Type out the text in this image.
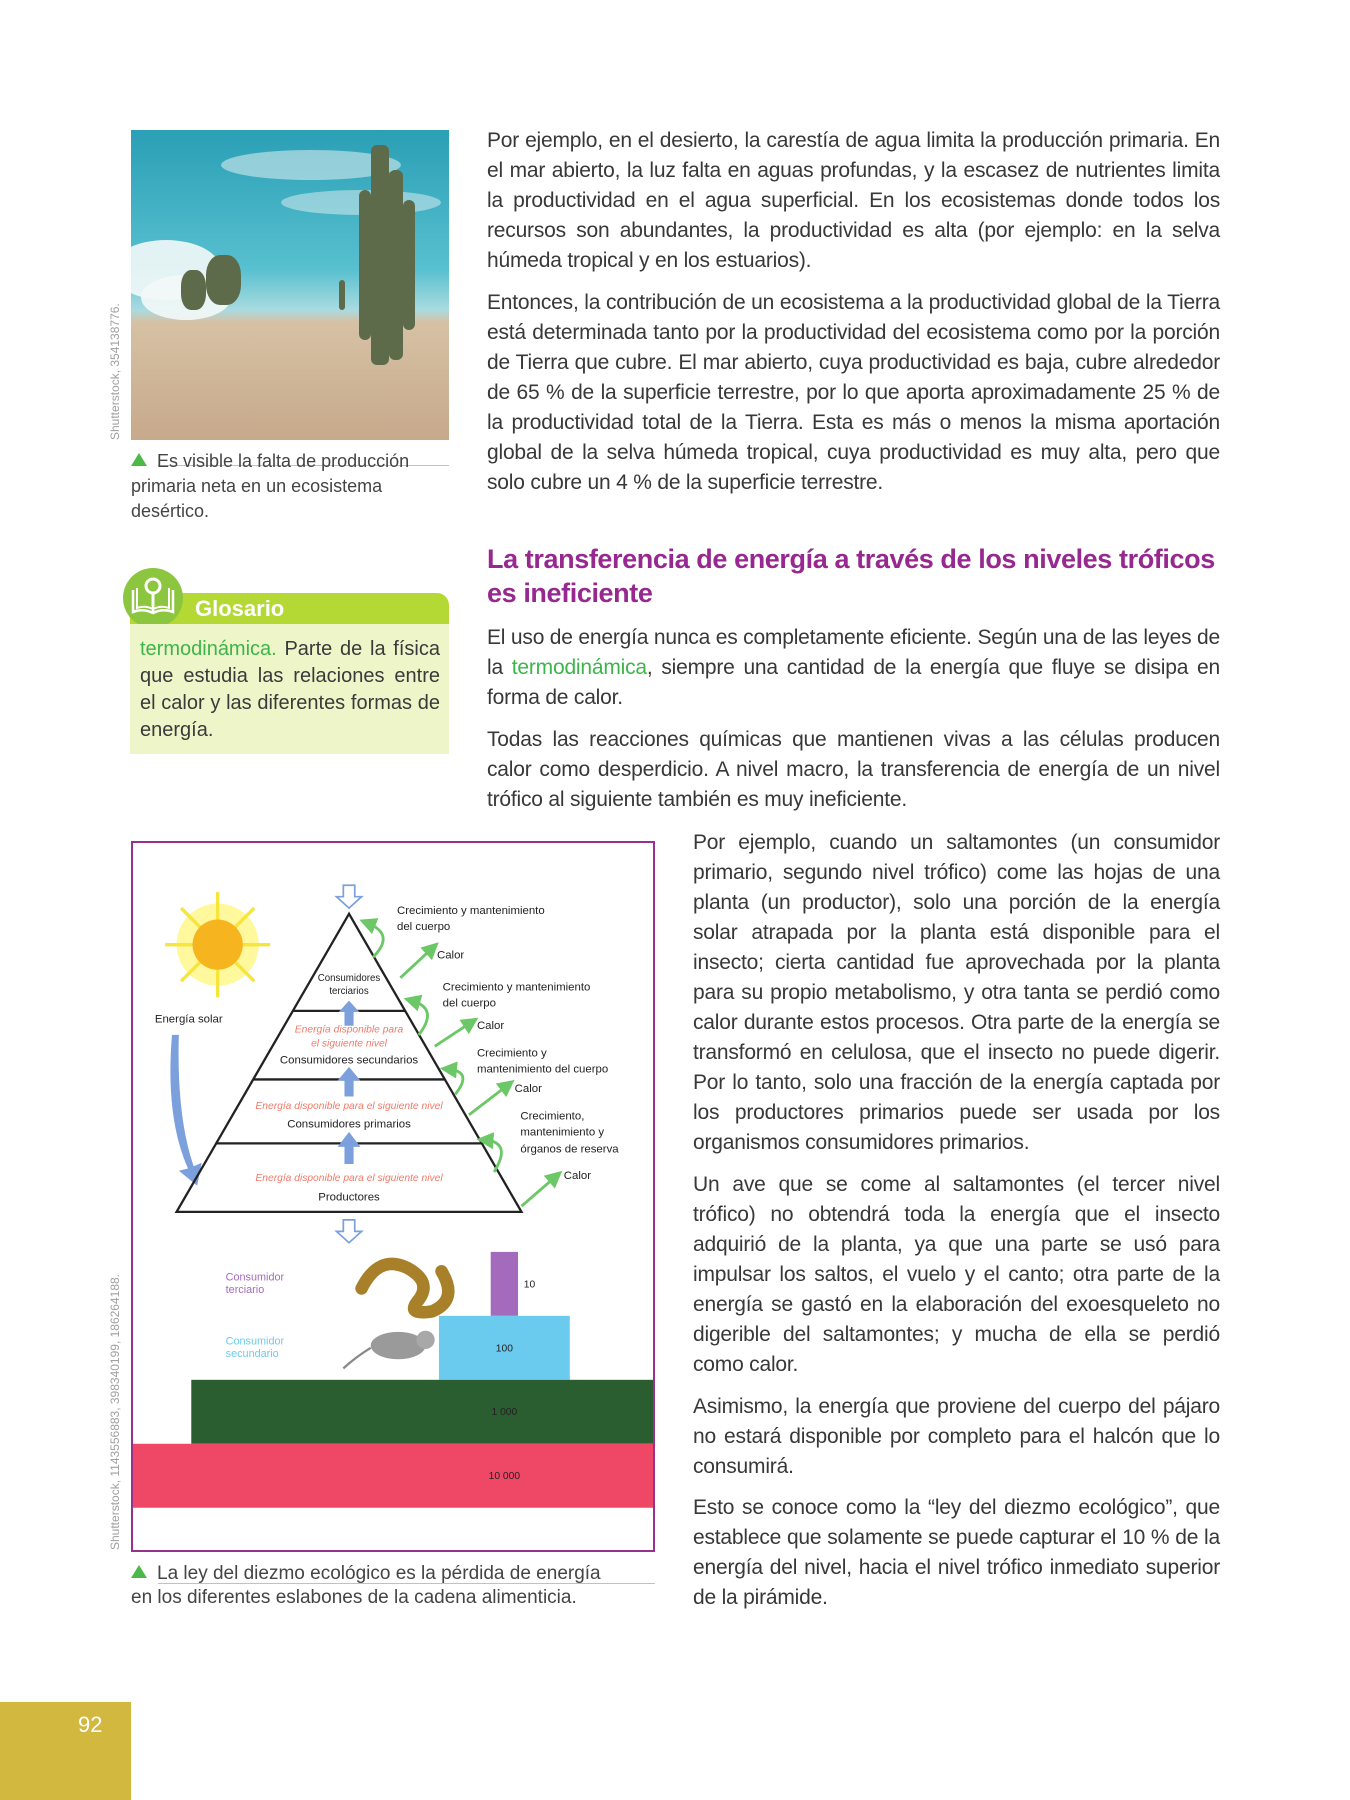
Shutterstock, 354138776.
Es visible la falta de producción
primaria neta en un ecosistema
desértico.
Glosario

termodinámica. Parte de la física que estudia las relaciones entre el calor y las diferentes formas de energía.

Por ejemplo, en el desierto, la carestía de agua limita la producción primaria. En el mar abierto, la luz falta en aguas profundas, y la escasez de nutrientes limita la productividad en el agua superficial. En los ecosistemas donde todos los recursos son abundantes, la productividad es alta (por ejemplo: en la selva húmeda tropical y en los estuarios).

Entonces, la contribución de un ecosistema a la productividad global de la Tierra está determinada tanto por la productividad del ecosistema como por la porción de Tierra que cubre. El mar abierto, cuya productividad es baja, cubre alrededor de 65 % de la superficie terrestre, por lo que aporta aproximadamente 25 % de la productividad total de la Tierra. Esta es más o menos la misma aportación global de la selva húmeda tropical, cuya productividad es muy alta, pero que solo cubre un 4 % de la superficie terrestre.

La transferencia de energía a través de los niveles tróficos es ineficiente

El uso de energía nunca es completamente eficiente. Según una de las leyes de la termodinámica, siempre una cantidad de la energía que fluye se disipa en forma de calor.

Todas las reacciones químicas que mantienen vivas a las células producen calor como desperdicio. A nivel macro, la transferencia de energía de un nivel trófico al siguiente también es muy ineficiente.

Por ejemplo, cuando un saltamontes (un consumidor primario, segundo nivel trófico) come las hojas de una planta (un productor), solo una porción de la energía solar atrapada por la planta está disponible para el insecto; cierta cantidad fue aprovechada por la planta para su propio metabolismo, y otra tanta se perdió como calor durante estos procesos. Otra parte de la energía se transformó en celulosa, que el insecto no puede digerir. Por lo tanto, solo una fracción de la energía captada por los productores primarios puede ser usada por los organismos consumidores primarios.

Un ave que se come al saltamontes (el tercer nivel trófico) no obtendrá toda la energía que el insecto adquirió de la planta, ya que una parte se usó para impulsar los saltos, el vuelo y el canto; otra parte de la energía se gastó en la elaboración del exoesqueleto no digerible del saltamontes; y mucha de ella se perdió como calor.

Asimismo, la energía que proviene del cuerpo del pájaro no estará disponible por completo para el halcón que lo consumirá.

Esto se conoce como la “ley del diezmo ecológico”, que establece que solamente se puede capturar el 10 % de la energía del nivel, hacia el nivel trófico inmediato superior de la pirámide.

Shutterstock, 1143556883, 398340199, 186264188.
Energía solar
Consumidores
terciarios
Consumidores secundarios
Consumidores primarios
Productores
Energía disponible para
el siguiente nivel
Energía disponible para el siguiente nivel
Energía disponible para el siguiente nivel
Crecimiento y mantenimiento
del cuerpo
Calor
Crecimiento y mantenimiento
del cuerpo
Calor
Crecimiento y
mantenimiento del cuerpo
Calor
Crecimiento,
mantenimiento y
órganos de reserva
Calor
10
Consumidor
terciario
100
Consumidor
secundario
1 000
Consumidor
primario
10 000
Productor
La ley del diezmo ecológico es la pérdida de energía
en los diferentes eslabones de la cadena alimenticia.
92
